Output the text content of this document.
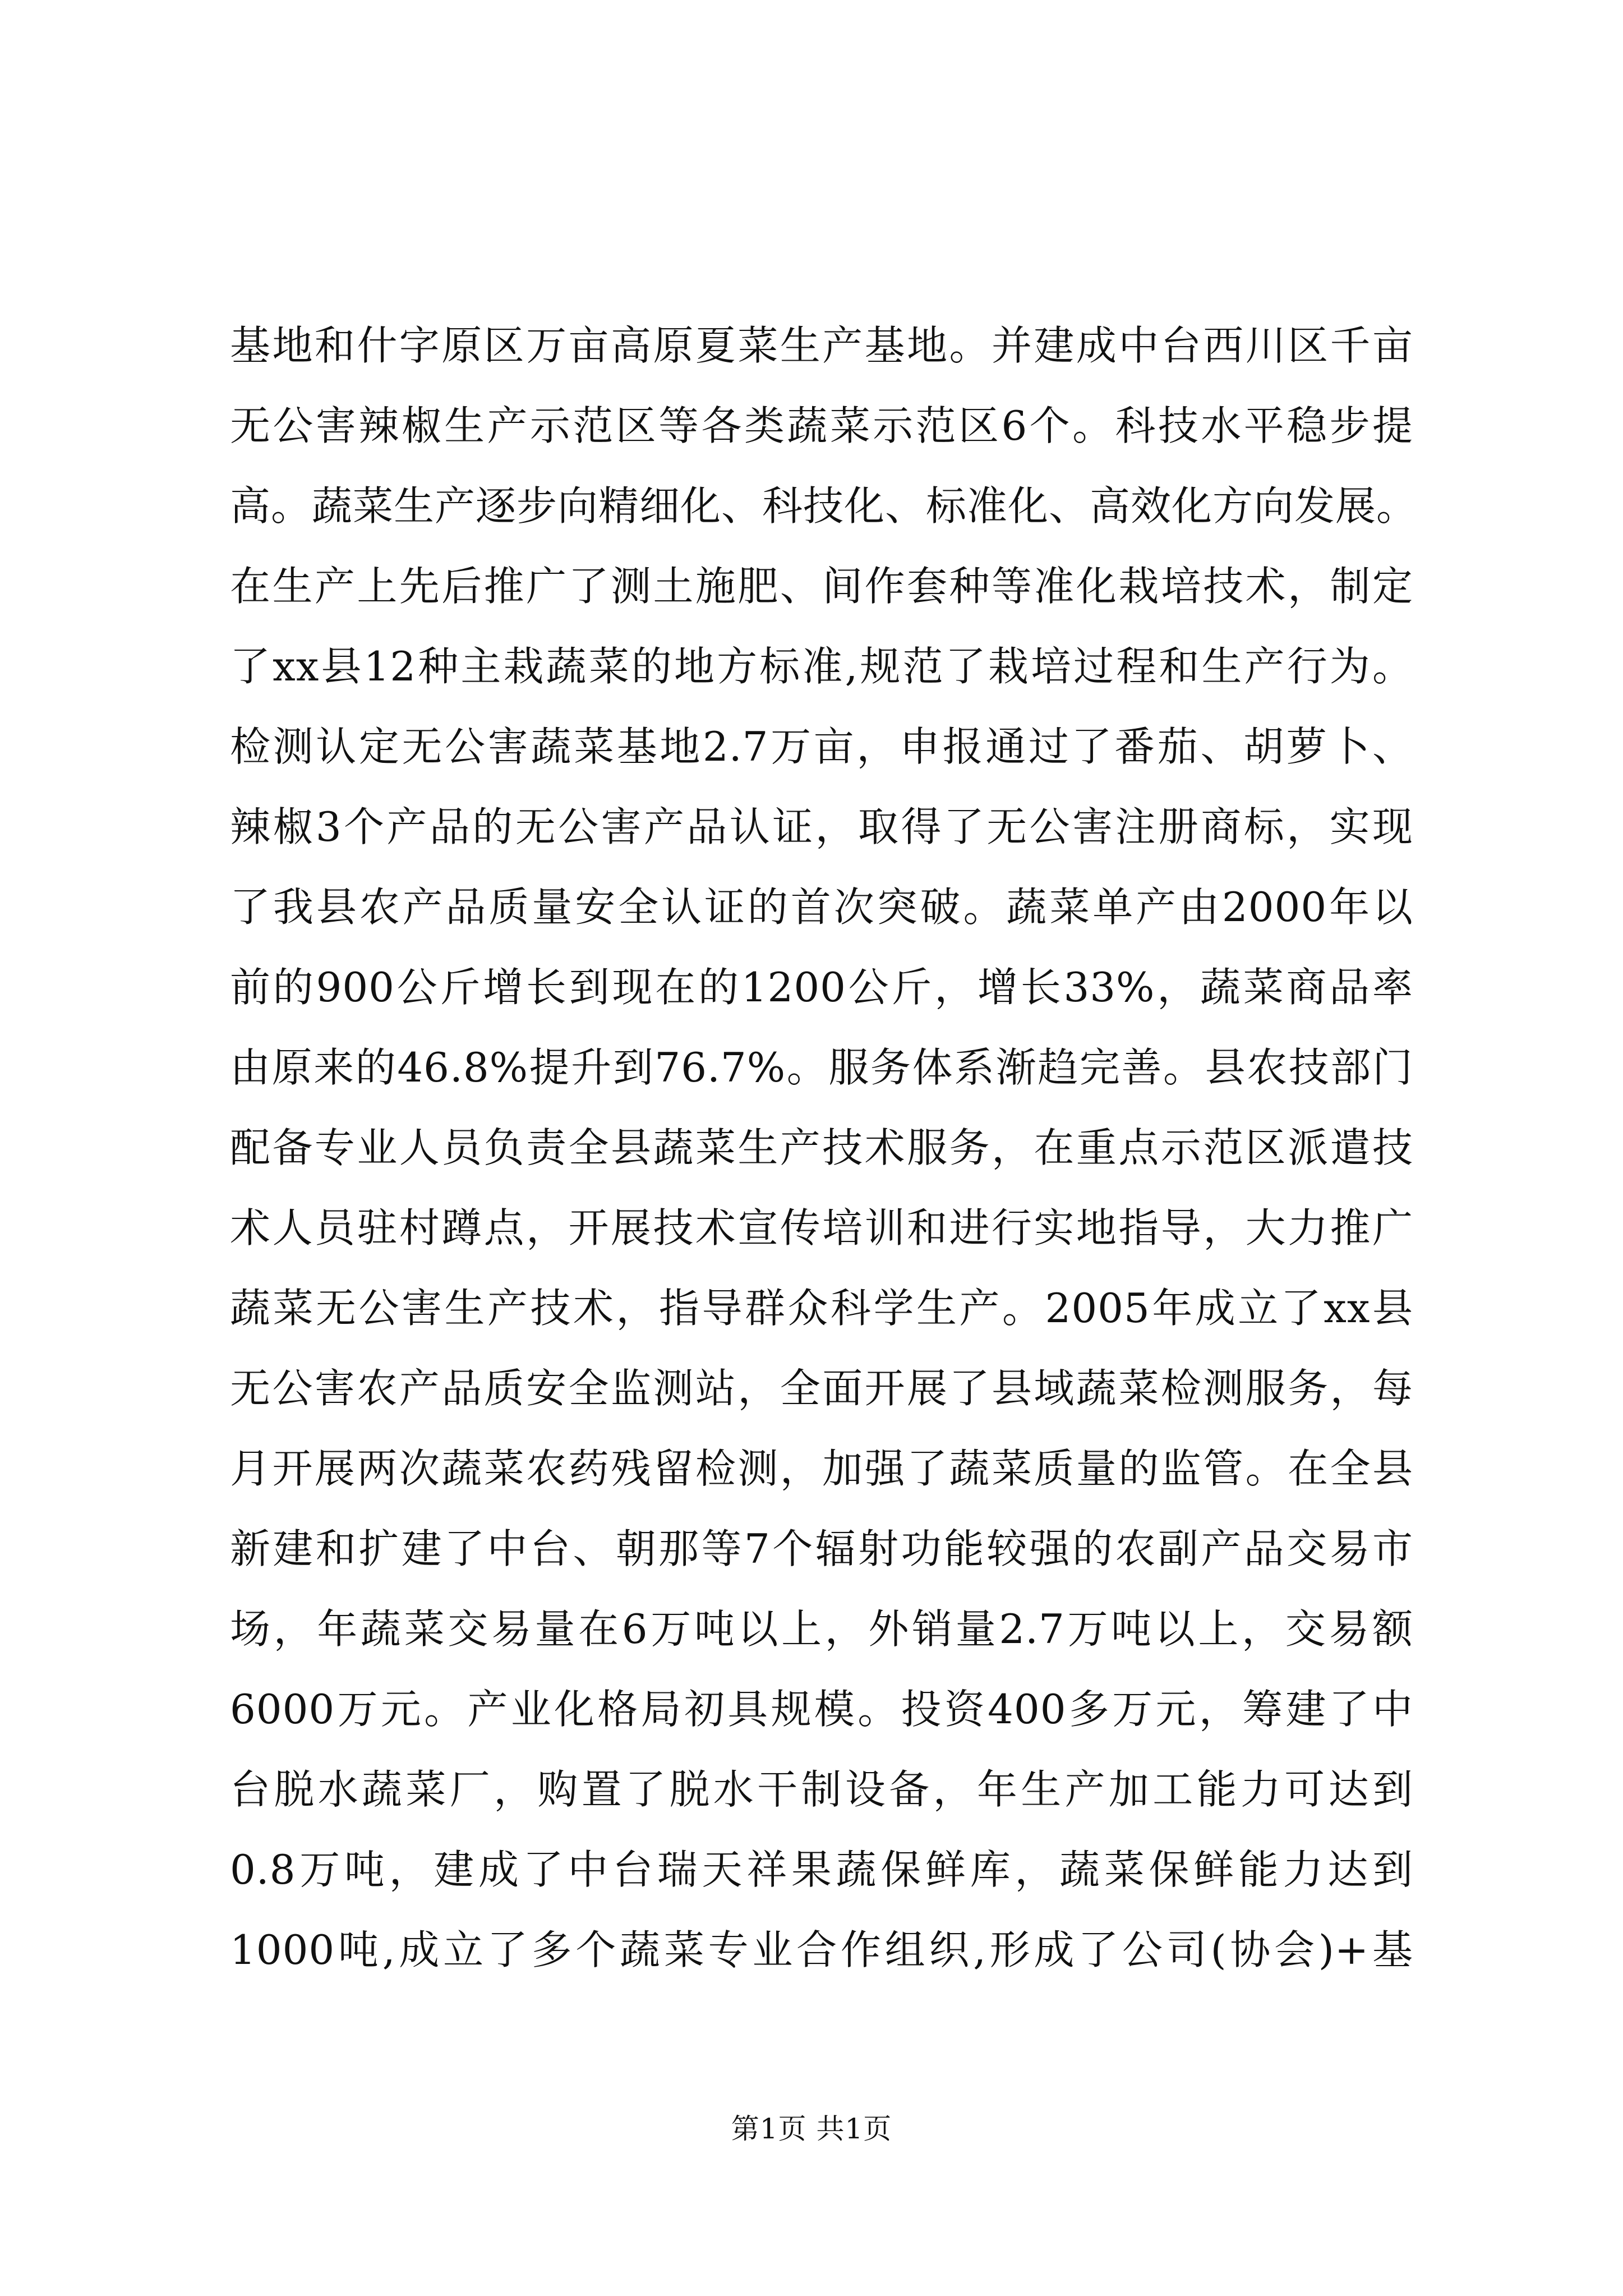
基地和什字原区万亩高原夏菜生产基地。并建成中台西川区千亩
无公害辣椒生产示范区等各类蔬菜示范区6个。科技水平稳步提
高。蔬菜生产逐步向精细化、科技化、标准化、高效化方向发展。
在生产上先后推广了测土施肥、间作套种等准化栽培技术，制定
了xx县12种主栽蔬菜的地方标准,规范了栽培过程和生产行为。
检测认定无公害蔬菜基地2.7万亩，申报通过了番茄、胡萝卜、
辣椒3个产品的无公害产品认证，取得了无公害注册商标，实现
了我县农产品质量安全认证的首次突破。蔬菜单产由2000年以
前的900公斤增长到现在的1200公斤，增长33%，蔬菜商品率
由原来的46.8%提升到76.7%。服务体系渐趋完善。县农技部门
配备专业人员负责全县蔬菜生产技术服务，在重点示范区派遣技
术人员驻村蹲点，开展技术宣传培训和进行实地指导，大力推广
蔬菜无公害生产技术，指导群众科学生产。2005年成立了xx县
无公害农产品质安全监测站，全面开展了县域蔬菜检测服务，每
月开展两次蔬菜农药残留检测，加强了蔬菜质量的监管。在全县
新建和扩建了中台、朝那等7个辐射功能较强的农副产品交易市
场，年蔬菜交易量在6万吨以上，外销量2.7万吨以上，交易额
6000万元。产业化格局初具规模。投资400多万元，筹建了中
台脱水蔬菜厂，购置了脱水干制设备，年生产加工能力可达到
0.8万吨，建成了中台瑞天祥果蔬保鲜库，蔬菜保鲜能力达到
1000吨,成立了多个蔬菜专业合作组织,形成了公司(协会)+基
第1页 共1页
